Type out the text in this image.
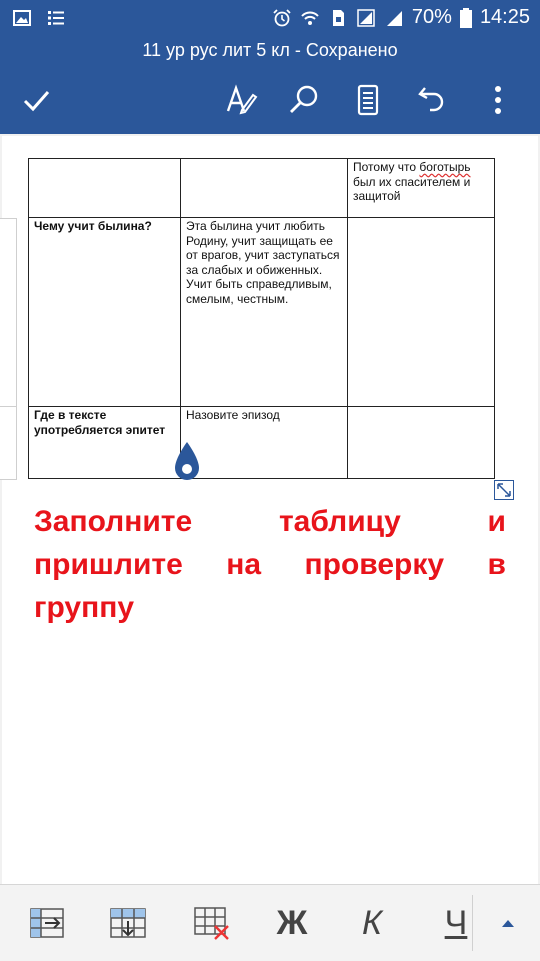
70% 14:25
11 ур рус лит 5 кл - Сохранено
		Потому что боготырь был их спасителем и защитой
Чему учит былина?	Эта былина учит любить Родину, учит защищать ее от врагов, учит заступаться за слабых и обиженных. Учит быть справедливым, смелым, честным.	
Где в тексте употребляется эпитет	Назовите эпизод	
Заполните таблицу и пришлите на проверку в группу
Ж	К	Ч
